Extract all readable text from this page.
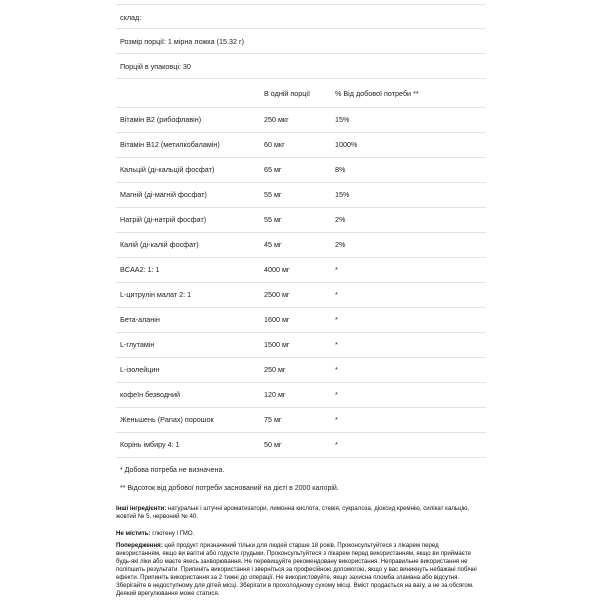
склад:
Розмір порції: 1 мірна ложка (15.32 г)
Порцій в упаковці: 30
В одній порції	% Від добової потреби **
Вітамін В2 (рибофлавін)	250 мкг	15%
Вітамін В12 (метилкобаламін)	60 мкг	1000%
Кальцій (ді-кальцій фосфат)	65 мг	8%
Магній (ді-магній фосфат)	55 мг	15%
Натрій (ді-натрій фосфат)	55 мг	2%
Калій (ді-калій фосфат)	45 мг	2%
BCAA2: 1: 1	4000 мг	*
L-цитрулін малат 2: 1	2500 мг	*
Бета-аланін	1600 мг	*
L-глутамін	1500 мг	*
L-ізолейцин	250 мг	*
кофеїн безводний	120 мг	*
Женьшень (Panax) порошок	75 мг	*
Корінь імбиру 4: 1	50 мг	*
* Добова потреба не визначена.
** Відсоток від добової потреби заснований на дієті в 2000 калорій.
Інші інгредієнти: натуральні і штучні ароматизатори, лимонна кислота, стевія, сукралоза, діоксид кремнію, силікат кальцію, жовтий № 5, червоний № 40.
Не містить: глютену і ГМО.
Попередження: цей продукт призначений тільки для людей старше 18 років. Проконсультуйтеся з лікарем перед використанням, якщо ви вагітні або годуєте грудьми. Проконсультуйтеся з лікарем перед використанням, якщо ви приймаєте будь-які ліки або маєте якесь захворювання. Не перевищуйте рекомендовану використання. Неправильне використання не поліпшить результати. Припиніть використання і зверніться за професійною допомогою, якщо у вас виникнуть небажані побічні ефекти. Припиніть використання за 2 тижні до операції. Не використовуйте, якщо захисна пломба зламана або відсутня. Зберігайте в недоступному для дітей місці. Зберігати в прохолодному сухому місці. Вміст продається на вагу, а не за обсягом. Деякий врегулювання може статися.
